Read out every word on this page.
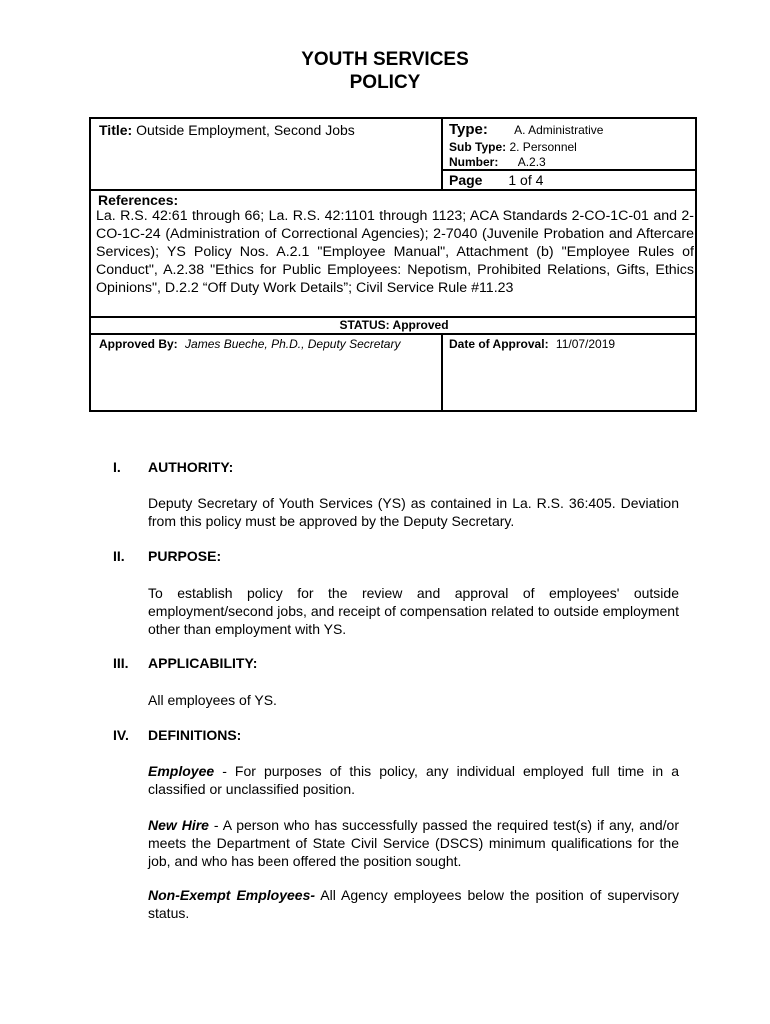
YOUTH SERVICES
POLICY
Title: Outside Employment, Second Jobs	Type: A. Administrative
Sub Type: 2. Personnel
Number: A.2.3
Page 1 of 4
References:
La. R.S. 42:61 through 66; La. R.S. 42:1101 through 1123; ACA Standards 2-CO-1C-01 and 2-CO-1C-24 (Administration of Correctional Agencies); 2-7040 (Juvenile Probation and Aftercare Services); YS Policy Nos. A.2.1 "Employee Manual", Attachment (b) "Employee Rules of Conduct", A.2.38 "Ethics for Public Employees: Nepotism, Prohibited Relations, Gifts, Ethics Opinions", D.2.2 “Off Duty Work Details”; Civil Service Rule #11.23
STATUS: Approved
Approved By: James Bueche, Ph.D., Deputy Secretary	Date of Approval: 11/07/2019
I. AUTHORITY:
Deputy Secretary of Youth Services (YS) as contained in La. R.S. 36:405. Deviation from this policy must be approved by the Deputy Secretary.
II. PURPOSE:
To establish policy for the review and approval of employees' outside employment/second jobs, and receipt of compensation related to outside employment other than employment with YS.
III. APPLICABILITY:
All employees of YS.
IV. DEFINITIONS:
Employee - For purposes of this policy, any individual employed full time in a classified or unclassified position.
New Hire - A person who has successfully passed the required test(s) if any, and/or meets the Department of State Civil Service (DSCS) minimum qualifications for the job, and who has been offered the position sought.
Non-Exempt Employees- All Agency employees below the position of supervisory status.
